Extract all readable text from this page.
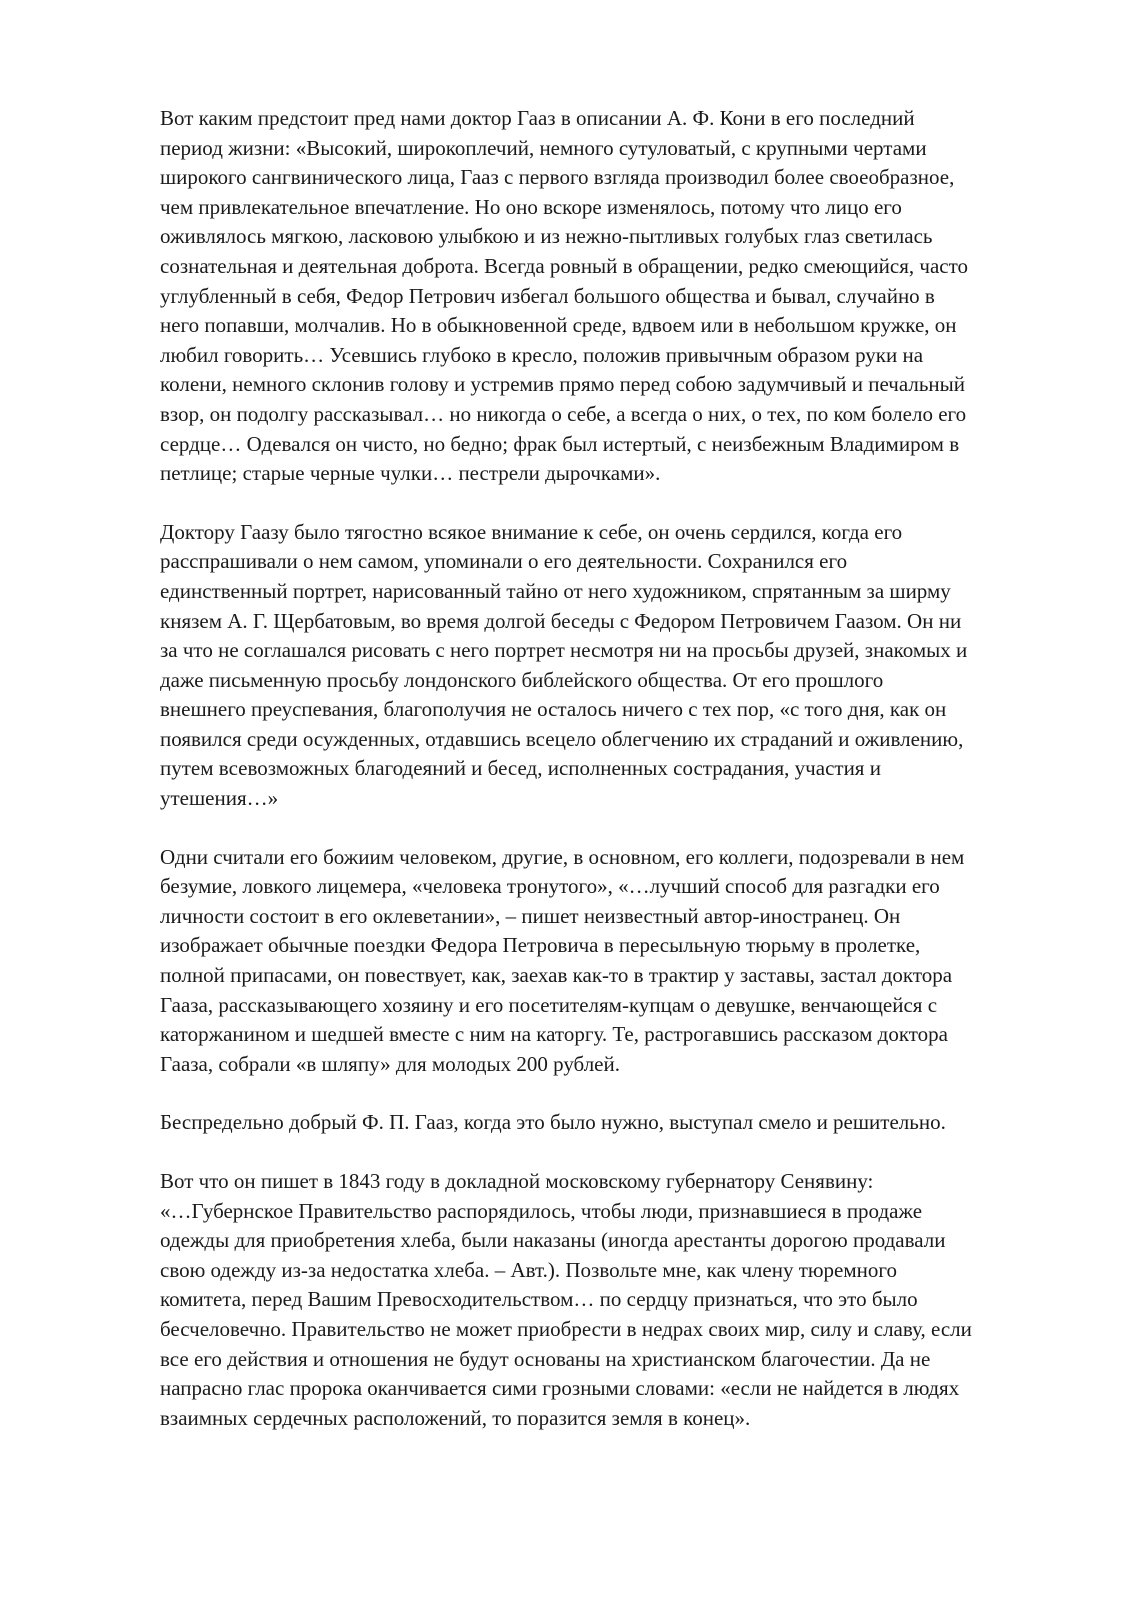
Вот каким предстоит пред нами доктор Гааз в описании А. Ф. Кони в его последний
период жизни: «Высокий, широкоплечий, немного сутуловатый, с крупными чертами
широкого сангвинического лица, Гааз с первого взгляда производил более своеобразное,
чем привлекательное впечатление. Но оно вскоре изменялось, потому что лицо его
оживлялось мягкою, ласковою улыбкою и из нежно-пытливых голубых глаз светилась
сознательная и деятельная доброта. Всегда ровный в обращении, редко смеющийся, часто
углубленный в себя, Федор Петрович избегал большого общества и бывал, случайно в
него попавши, молчалив. Но в обыкновенной среде, вдвоем или в небольшом кружке, он
любил говорить… Усевшись глубоко в кресло, положив привычным образом руки на
колени, немного склонив голову и устремив прямо перед собою задумчивый и печальный
взор, он подолгу рассказывал… но никогда о себе, а всегда о них, о тех, по ком болело его
сердце… Одевался он чисто, но бедно; фрак был истертый, с неизбежным Владимиром в
петлице; старые черные чулки… пестрели дырочками».

Доктору Гаазу было тягостно всякое внимание к себе, он очень сердился, когда его
расспрашивали о нем самом, упоминали о его деятельности. Сохранился его
единственный портрет, нарисованный тайно от него художником, спрятанным за ширму
князем А. Г. Щербатовым, во время долгой беседы с Федором Петровичем Гаазом. Он ни
за что не соглашался рисовать с него портрет несмотря ни на просьбы друзей, знакомых и
даже письменную просьбу лондонского библейского общества. От его прошлого
внешнего преуспевания, благополучия не осталось ничего с тех пор, «с того дня, как он
появился среди осужденных, отдавшись всецело облегчению их страданий и оживлению,
путем всевозможных благодеяний и бесед, исполненных сострадания, участия и
утешения…»

Одни считали его божиим человеком, другие, в основном, его коллеги, подозревали в нем
безумие, ловкого лицемера, «человека тронутого», «…лучший способ для разгадки его
личности состоит в его оклеветании», – пишет неизвестный автор-иностранец. Он
изображает обычные поездки Федора Петровича в пересыльную тюрьму в пролетке,
полной припасами, он повествует, как, заехав как-то в трактир у заставы, застал доктора
Гааза, рассказывающего хозяину и его посетителям-купцам о девушке, венчающейся с
каторжанином и шедшей вместе с ним на каторгу. Те, растрогавшись рассказом доктора
Гааза, собрали «в шляпу» для молодых 200 рублей.

Беспредельно добрый Ф. П. Гааз, когда это было нужно, выступал смело и решительно.

Вот что он пишет в 1843 году в докладной московскому губернатору Сенявину:
«…Губернское Правительство распорядилось, чтобы люди, признавшиеся в продаже
одежды для приобретения хлеба, были наказаны (иногда арестанты дорогою продавали
свою одежду из-за недостатка хлеба. – Авт.). Позвольте мне, как члену тюремного
комитета, перед Вашим Превосходительством… по сердцу признаться, что это было
бесчеловечно. Правительство не может приобрести в недрах своих мир, силу и славу, если
все его действия и отношения не будут основаны на христианском благочестии. Да не
напрасно глас пророка оканчивается сими грозными словами: «если не найдется в людях
взаимных сердечных расположений, то поразится земля в конец».
